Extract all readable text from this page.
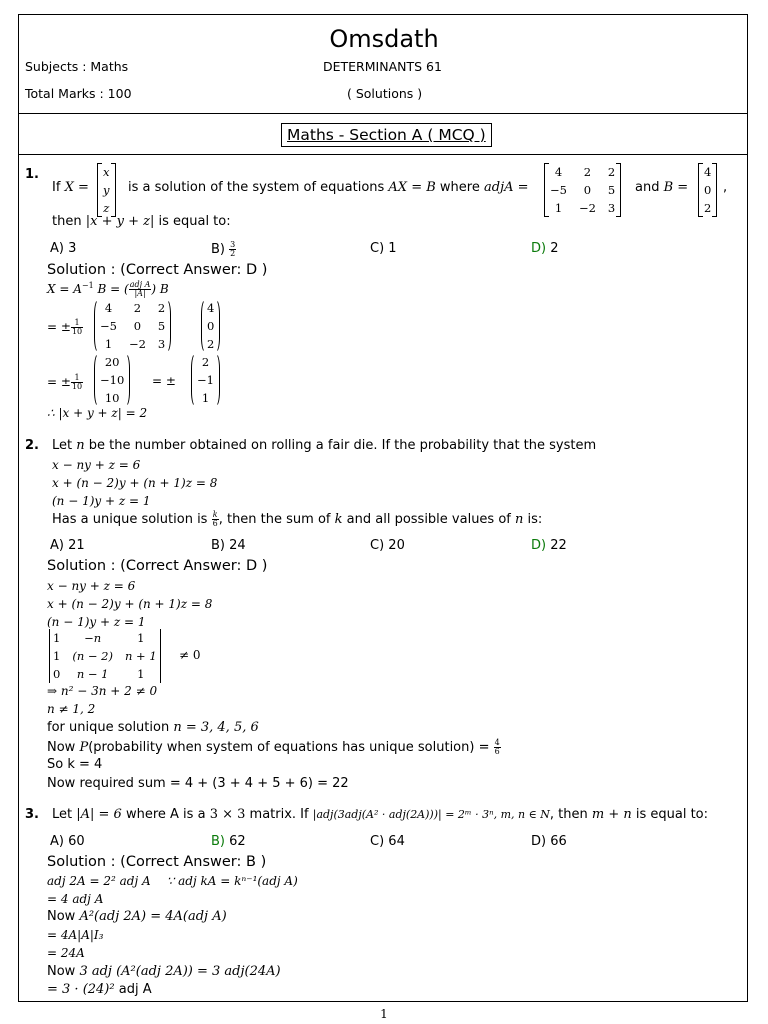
Omsdath
Subjects : Maths	DETERMINANTS 61
Total Marks : 100	( Solutions )
Maths - Section A ( MCQ )
1.
If X =
x
y
z
is a solution of the system of equations AX = B where adjA =
4	2	2
−5	0	5
1	−2	3
and B =
4
0
2
,
then |x + y + z| is equal to:
A) 3	$B) \frac{3}{2}$	C) 1	D) 2
Solution : (Correct Answer: D )
$X = A^{-1}$ B = ( $\frac{\text{adj A}}{|A|}$ ) B
= ± $\frac{1}{10}$
4	2	2
−5	0	5
1	−2	3
4
0
2
= ± $\frac{1}{10}$
20
−10
10
= ±
2
−1
1
∴ |x + y + z| = 2
2. Let n be the number obtained on rolling a fair die. If the probability that the system
x − ny + z = 6
x + (n − 2)y + (n + 1)z = 8
(n − 1)y + z = 1
Has a unique solution is $\frac{k}{6}$ , then the sum of k and all possible values of n is:
A) 21	B) 24	C) 20	D) 22
Solution : (Correct Answer: D )
x − ny + z = 6
x + (n − 2)y + (n + 1)z = 8
(n − 1)y + z = 1
1	−n	1
1	(n − 2)	n + 1
0	n − 1	1
≠ 0
⇒ n² − 3n + 2 ≠ 0
n ≠ 1, 2
for unique solution n = 3, 4, 5, 6
Now P(probability when system of equations has unique solution) = $\frac{4}{6}$
So k = 4
Now required sum = 4 + (3 + 4 + 5 + 6) = 22
3. Let |A| = 6 where A is a 3 × 3 matrix. If |adj(3adj(A² · adj(2A)))| = 2ᵐ · 3ⁿ, m, n ∈ N, then m + n is equal to:
A) 60	B) 62	C) 64	D) 66
Solution : (Correct Answer: B )
adj 2A = 2² adj A ∵ adj kA = kⁿ⁻¹(adj A)
= 4 adj A
Now A²(adj 2A) = 4A(adj A)
= 4A|A|I₃
= 24A
Now 3 adj (A²(adj 2A)) = 3 adj(24A)
= 3 · (24)² adj A
1
